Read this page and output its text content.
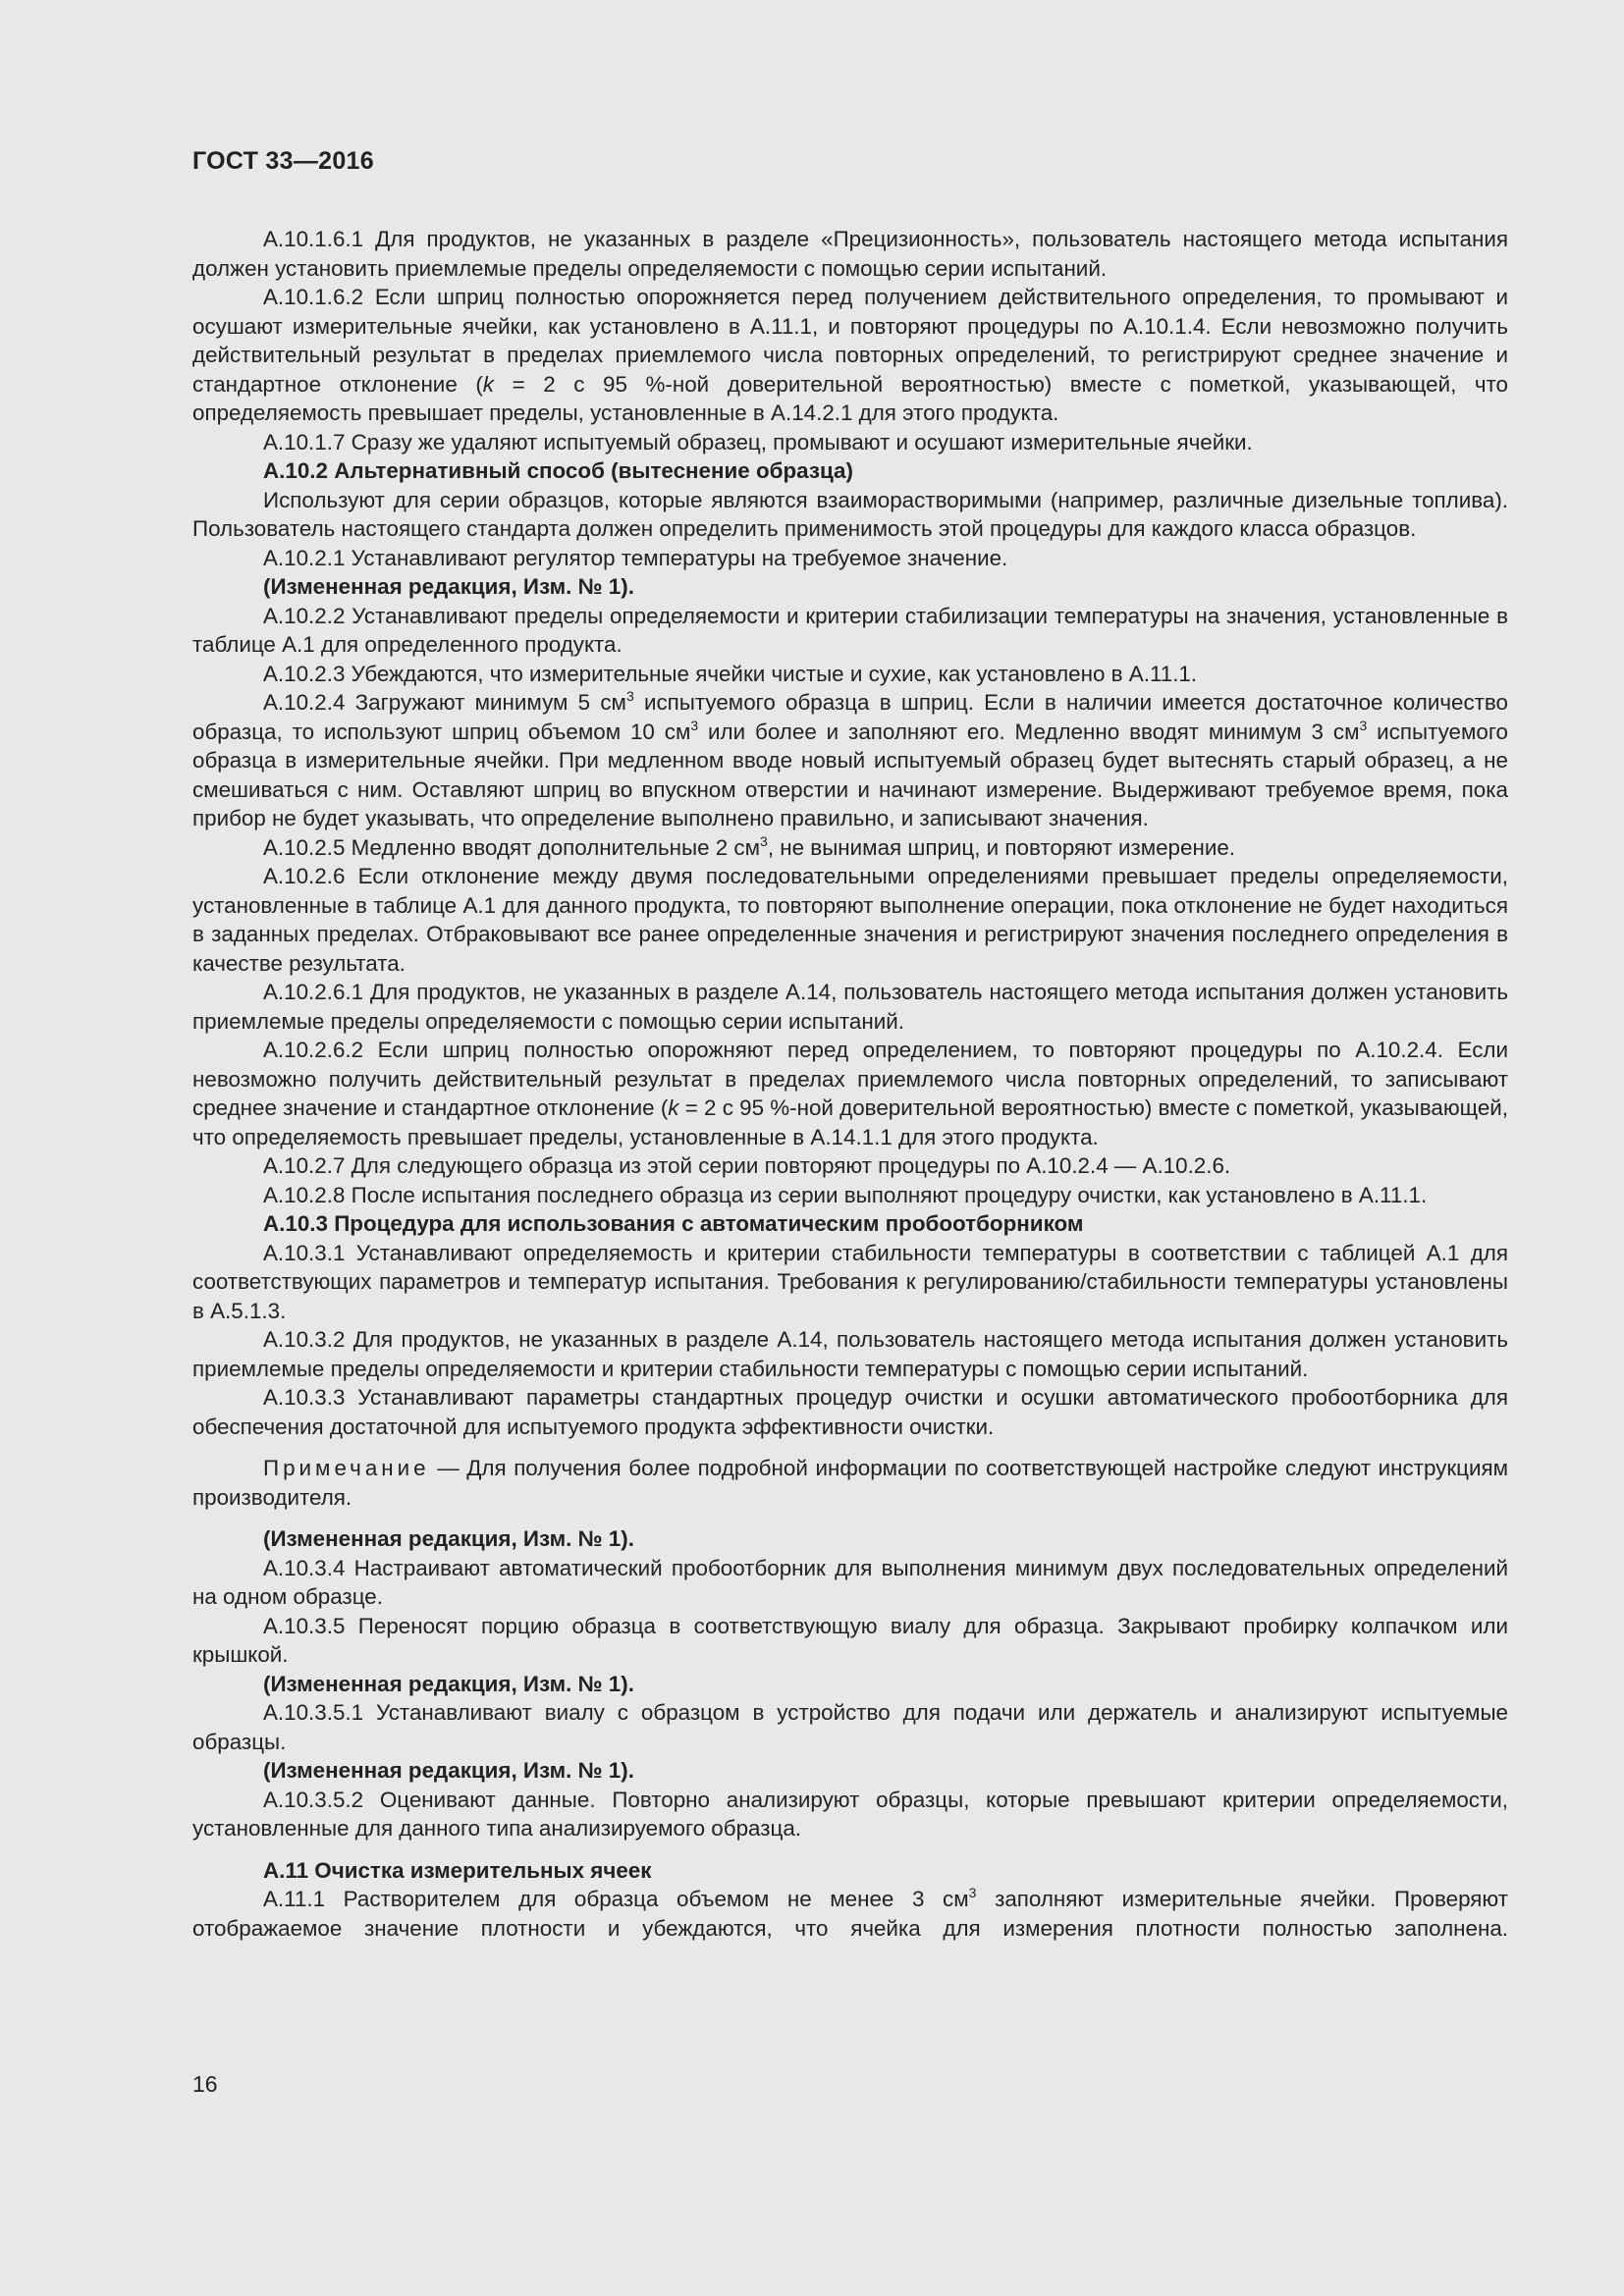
ГОСТ 33—2016

А.10.1.6.1 Для продуктов, не указанных в разделе «Прецизионность», пользователь настоящего метода испытания должен установить приемлемые пределы определяемости с помощью серии испытаний.

А.10.1.6.2 Если шприц полностью опорожняется перед получением действительного определения, то промывают и осушают измерительные ячейки, как установлено в А.11.1, и повторяют процедуры по А.10.1.4. Если невозможно получить действительный результат в пределах приемлемого числа повторных определений, то регистрируют среднее значение и стандартное отклонение (k = 2 с 95 %-ной доверительной вероятностью) вместе с пометкой, указывающей, что определяемость превышает пределы, установленные в А.14.2.1 для этого продукта.

А.10.1.7 Сразу же удаляют испытуемый образец, промывают и осушают измерительные ячейки.

А.10.2 Альтернативный способ (вытеснение образца)

Используют для серии образцов, которые являются взаиморастворимыми (например, различные дизельные топлива). Пользователь настоящего стандарта должен определить применимость этой процедуры для каждого класса образцов.

А.10.2.1 Устанавливают регулятор температуры на требуемое значение.

(Измененная редакция, Изм. № 1).

А.10.2.2 Устанавливают пределы определяемости и критерии стабилизации температуры на значения, установленные в таблице А.1 для определенного продукта.

А.10.2.3 Убеждаются, что измерительные ячейки чистые и сухие, как установлено в А.11.1.

А.10.2.4 Загружают минимум 5 $см^3$ испытуемого образца в шприц. Если в наличии имеется достаточное количество образца, то используют шприц объемом 10 $см^3$ или более и заполняют его. Медленно вводят минимум 3 $см^3$ испытуемого образца в измерительные ячейки. При медленном вводе новый испытуемый образец будет вытеснять старый образец, а не смешиваться с ним. Оставляют шприц во впускном отверстии и начинают измерение. Выдерживают требуемое время, пока прибор не будет указывать, что определение выполнено правильно, и записывают значения.

А.10.2.5 Медленно вводят дополнительные 2 $см^3$, не вынимая шприц, и повторяют измерение.

А.10.2.6 Если отклонение между двумя последовательными определениями превышает пределы определяемости, установленные в таблице А.1 для данного продукта, то повторяют выполнение операции, пока отклонение не будет находиться в заданных пределах. Отбраковывают все ранее определенные значения и регистрируют значения последнего определения в качестве результата.

А.10.2.6.1 Для продуктов, не указанных в разделе А.14, пользователь настоящего метода испытания должен установить приемлемые пределы определяемости с помощью серии испытаний.

А.10.2.6.2 Если шприц полностью опорожняют перед определением, то повторяют процедуры по А.10.2.4. Если невозможно получить действительный результат в пределах приемлемого числа повторных определений, то записывают среднее значение и стандартное отклонение (k = 2 с 95 %-ной доверительной вероятностью) вместе с пометкой, указывающей, что определяемость превышает пределы, установленные в А.14.1.1 для этого продукта.

А.10.2.7 Для следующего образца из этой серии повторяют процедуры по А.10.2.4 — А.10.2.6.

А.10.2.8 После испытания последнего образца из серии выполняют процедуру очистки, как установлено в А.11.1.

А.10.3 Процедура для использования с автоматическим пробоотборником

А.10.3.1 Устанавливают определяемость и критерии стабильности температуры в соответствии с таблицей А.1 для соответствующих параметров и температур испытания. Требования к регулированию/стабильности температуры установлены в А.5.1.3.

А.10.3.2 Для продуктов, не указанных в разделе А.14, пользователь настоящего метода испытания должен установить приемлемые пределы определяемости и критерии стабильности температуры с помощью серии испытаний.

А.10.3.3 Устанавливают параметры стандартных процедур очистки и осушки автоматического пробоотборника для обеспечения достаточной для испытуемого продукта эффективности очистки.

Примечание — Для получения более подробной информации по соответствующей настройке следуют инструкциям производителя.

(Измененная редакция, Изм. № 1).

А.10.3.4 Настраивают автоматический пробоотборник для выполнения минимум двух последовательных определений на одном образце.

А.10.3.5 Переносят порцию образца в соответствующую виалу для образца. Закрывают пробирку колпачком или крышкой.

(Измененная редакция, Изм. № 1).

А.10.3.5.1 Устанавливают виалу с образцом в устройство для подачи или держатель и анализируют испытуемые образцы.

(Измененная редакция, Изм. № 1).

А.10.3.5.2 Оценивают данные. Повторно анализируют образцы, которые превышают критерии определяемости, установленные для данного типа анализируемого образца.

А.11 Очистка измерительных ячеек

А.11.1 Растворителем для образца объемом не менее 3 $см^3$ заполняют измерительные ячейки. Проверяют отображаемое значение плотности и убеждаются, что ячейка для измерения плотности полностью заполнена.

16
